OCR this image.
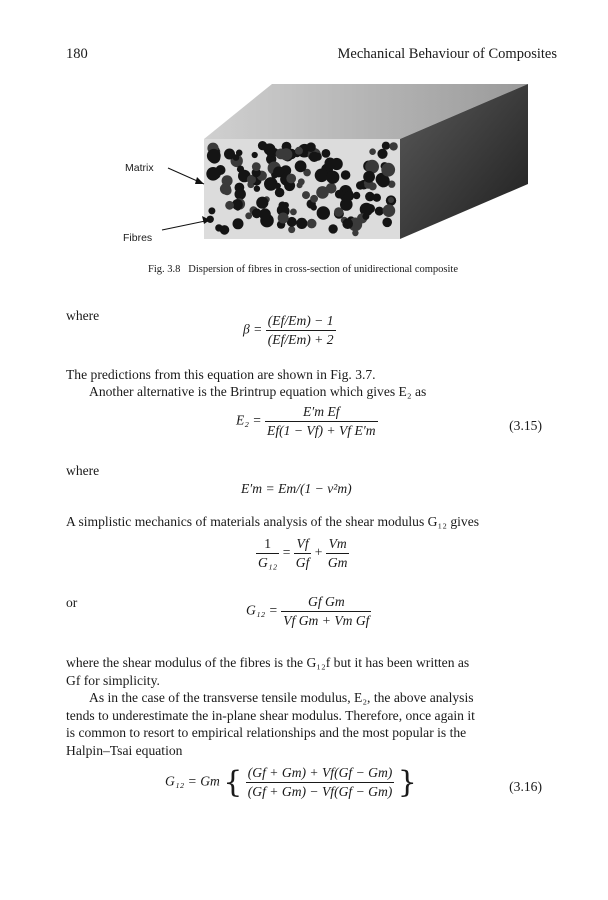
180	Mechanical Behaviour of Composites
Matrix
Fibres
Fig. 3.8 Dispersion of fibres in cross-section of unidirectional composite
where
$\beta = \frac{(Ef/Em) - 1}{(Ef/Em) + 2}$
The predictions from this equation are shown in Fig. 3.7.
Another alternative is the Brintrup equation which gives E₂ as
$E_2 = \frac{\text{E′m Ef}}{\text{Ef(1 − Vf) + Vf E′m}}$	(3.15)
where
E′m = Em/(1 − ν²m)
A simplistic mechanics of materials analysis of the shear modulus G₁₂ gives
$\frac{1}{\text{G₁₂}} = \frac{Vf}{Gf} + \frac{Vm}{Gm}$
or
$G_{12} = \frac{\text{Gf Gm}}{\text{Vf Gm + Vm Gf}}$
where the shear modulus of the fibres is the G₁₂f but it has been written as
Gf for simplicity.
As in the case of the transverse tensile modulus, E₂, the above analysis
tends to underestimate the in-plane shear modulus. Therefore, once again it
is common to resort to empirical relationships and the most popular is the
Halpin–Tsai equation
G₁₂ = Gm { $\frac{(Gf + Gm) + Vf(Gf - Gm)}{(Gf + Gm) - Vf(Gf - Gm)}$ }	(3.16)
